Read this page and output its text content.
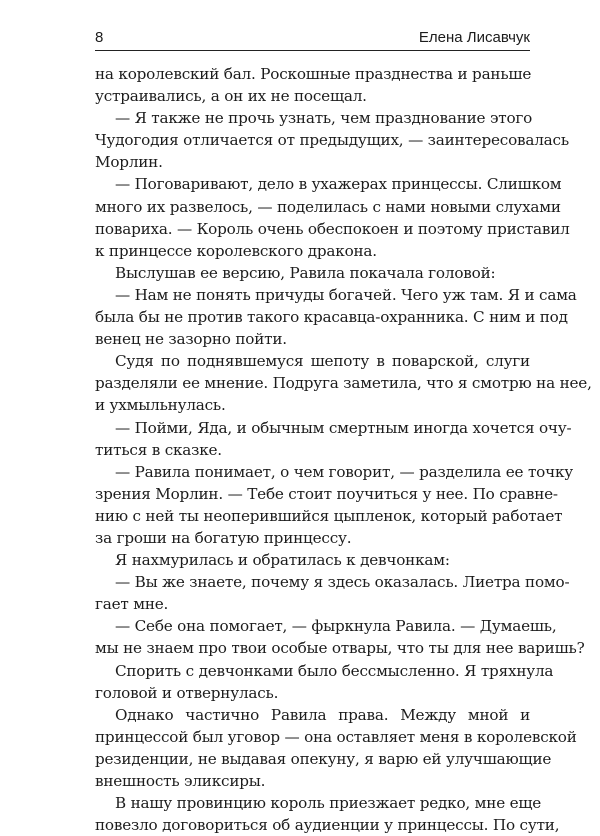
8	Елена Лисавчук
на королевский бал. Роскошные празднества и раньше
устраивались, а он их не посещал.
— Я также не прочь узнать, чем празднование этого
Чудогодия отличается от предыдущих, — заинтересовалась
Морлин.
— Поговаривают, дело в ухажерах принцессы. Слишком
много их развелось, — поделилась с нами новыми слухами
повариха. — Король очень обеспокоен и поэтому приставил
к принцессе королевского дракона.
Выслушав ее версию, Равила покачала головой:
— Нам не понять причуды богачей. Чего уж там. Я и сама
была бы не против такого красавца-охранника. С ним и под
венец не зазорно пойти.
Судя по поднявшемуся шепоту в поварской, слуги
разделяли ее мнение. Подруга заметила, что я смотрю на нее,
и ухмыльнулась.
— Пойми, Яда, и обычным смертным иногда хочется очу-
титься в сказке.
— Равила понимает, о чем говорит, — разделила ее точку
зрения Морлин. — Тебе стоит поучиться у нее. По сравне-
нию с ней ты неоперившийся цыпленок, который работает
за гроши на богатую принцессу.
Я нахмурилась и обратилась к девчонкам:
— Вы же знаете, почему я здесь оказалась. Лиетра помо-
гает мне.
— Себе она помогает, — фыркнула Равила. — Думаешь,
мы не знаем про твои особые отвары, что ты для нее варишь?
Спорить с девчонками было бессмысленно. Я тряхнула
головой и отвернулась.
Однако частично Равила права. Между мной и
принцессой был уговор — она оставляет меня в королевской
резиденции, не выдавая опекуну, я варю ей улучшающие
внешность эликсиры.
В нашу провинцию король приезжает редко, мне еще
повезло договориться об аудиенции у принцессы. По сути,
